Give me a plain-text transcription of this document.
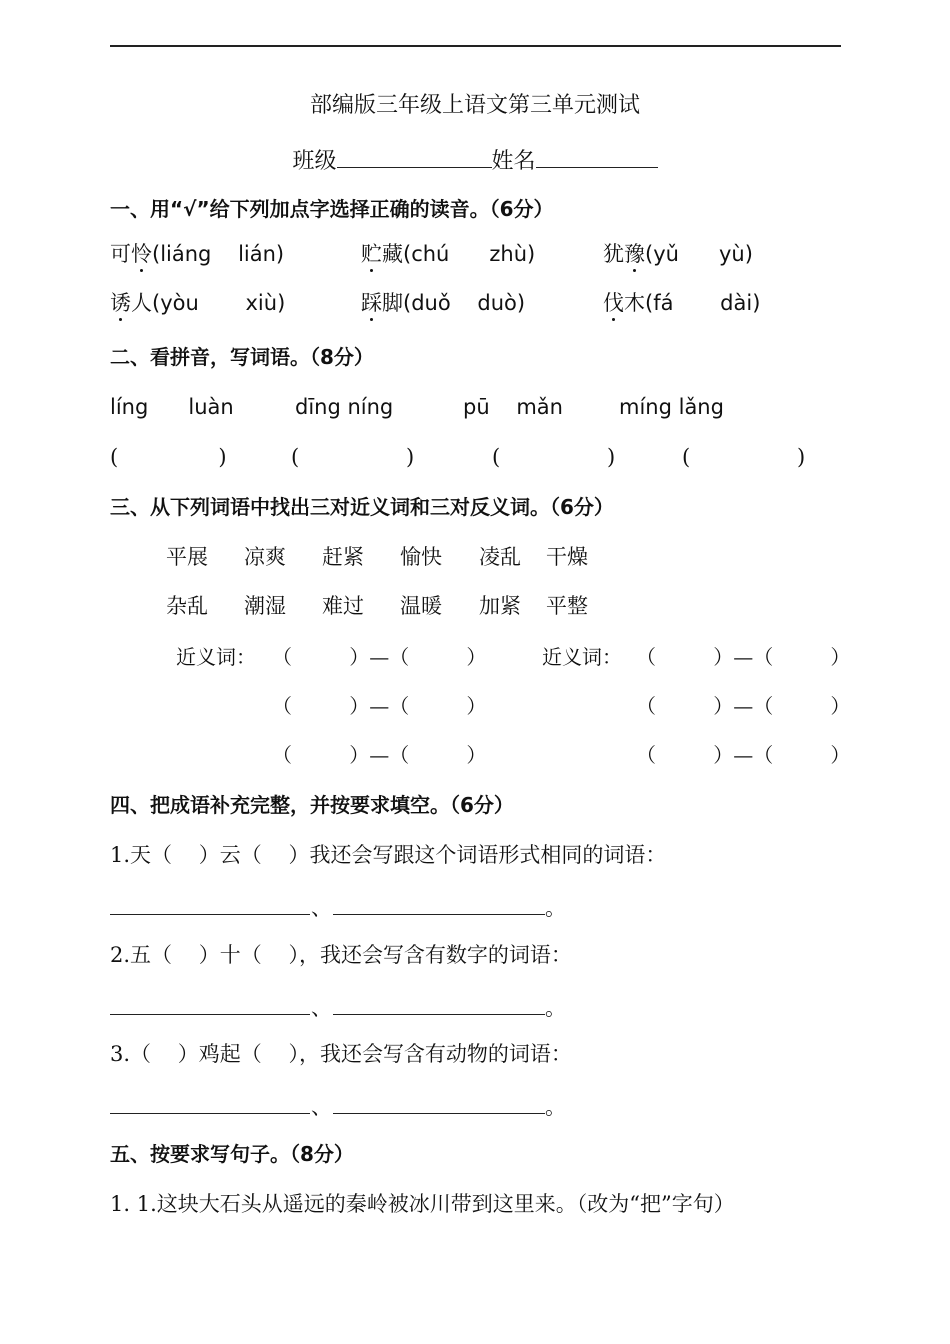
部编版三年级上语文第三单元测试
班级	姓名
一、用“√”给下列加点字选择正确的读音。（6分）
可怜(liáng    lián)	贮藏(chú      zhù)	犹豫(yǔ      yù)
诱人(yòu       xiù)	踩脚(duǒ    duò)	伐木(fá       dài)
二、看拼音，写词语。（8分）
líng      luàn	dīng níng	pū    mǎn	míng lǎng
(               )	(                )	(                )	(                )
三、从下列词语中找出三对近义词和三对反义词。（6分）
平展 凉爽 赶紧 愉快 凌乱 干燥
杂乱 潮湿 难过 温暖 加紧 平整
近义词：	近义词：
（         ）—（         ）	（         ）—（         ）
（         ）—（         ）	（         ）—（         ）
（         ）—（         ）	（         ）—（         ）
四、把成语补充完整，并按要求填空。（6分）
1.天（    ）云（    ）我还会写跟这个词语形式相同的词语：
、	。
2.五（    ）十（    ），我还会写含有数字的词语：
、	。
3.（    ）鸡起（    ），我还会写含有动物的词语：
、	。
五、按要求写句子。（8分）
1. 1.这块大石头从遥远的秦岭被冰川带到这里来。（改为“把”字句）
